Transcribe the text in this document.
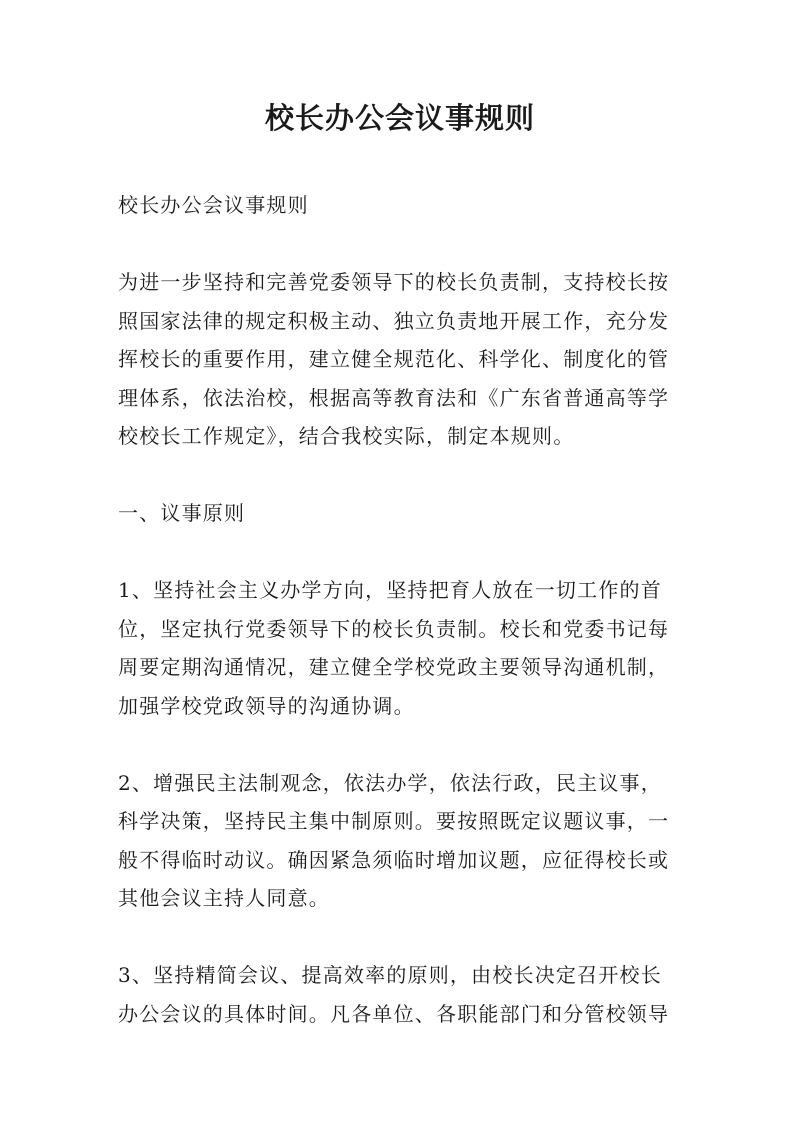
校长办公会议事规则

校长办公会议事规则

为进一步坚持和完善党委领导下的校长负责制，支持校长按
照国家法律的规定积极主动、独立负责地开展工作，充分发
挥校长的重要作用，建立健全规范化、科学化、制度化的管
理体系，依法治校，根据高等教育法和《广东省普通高等学
校校长工作规定》，结合我校实际，制定本规则。

一、议事原则

1、坚持社会主义办学方向，坚持把育人放在一切工作的首
位，坚定执行党委领导下的校长负责制。校长和党委书记每
周要定期沟通情况，建立健全学校党政主要领导沟通机制，
加强学校党政领导的沟通协调。

2、增强民主法制观念，依法办学，依法行政，民主议事，
科学决策，坚持民主集中制原则。要按照既定议题议事，一
般不得临时动议。确因紧急须临时增加议题，应征得校长或
其他会议主持人同意。

3、坚持精简会议、提高效率的原则，由校长决定召开校长
办公会议的具体时间。凡各单位、各职能部门和分管校领导
